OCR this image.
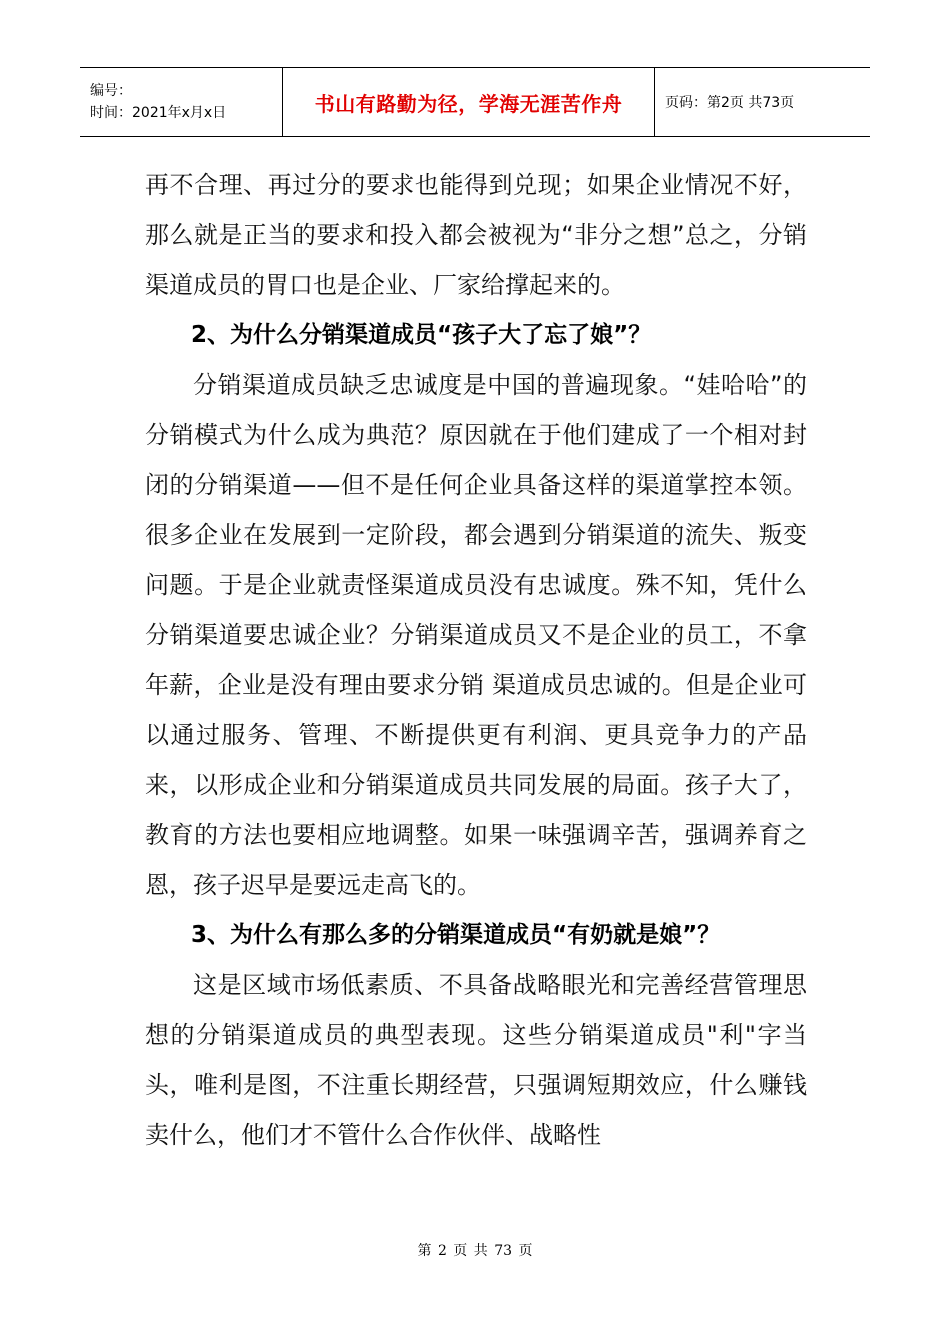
编号：
时间：2021年x月x日	书山有路勤为径，学海无涯苦作舟	页码：第2页 共73页

再不合理、再过分的要求也能得到兑现；如果企业情况不好，那么就是正当的要求和投入都会被视为“非分之想”总之，分销渠道成员的胃口也是企业、厂家给撑起来的。

2、为什么分销渠道成员“孩子大了忘了娘”？

分销渠道成员缺乏忠诚度是中国的普遍现象。“娃哈哈”的分销模式为什么成为典范？原因就在于他们建成了一个相对封闭的分销渠道——但不是任何企业具备这样的渠道掌控本领。很多企业在发展到一定阶段，都会遇到分销渠道的流失、叛变问题。于是企业就责怪渠道成员没有忠诚度。殊不知，凭什么分销渠道要忠诚企业？分销渠道成员又不是企业的员工，不拿年薪，企业是没有理由要求分销 渠道成员忠诚的。但是企业可以通过服务、管理、不断提供更有利润、更具竞争力的产品来，以形成企业和分销渠道成员共同发展的局面。孩子大了，教育的方法也要相应地调整。如果一味强调辛苦，强调养育之恩，孩子迟早是要远走高飞的。

3、为什么有那么多的分销渠道成员“有奶就是娘”？

这是区域市场低素质、不具备战略眼光和完善经营管理思想的分销渠道成员的典型表现。这些分销渠道成员"利"字当头，唯利是图，不注重长期经营，只强调短期效应，什么赚钱卖什么，他们才不管什么合作伙伴、战略性

第 2 页 共 73 页
